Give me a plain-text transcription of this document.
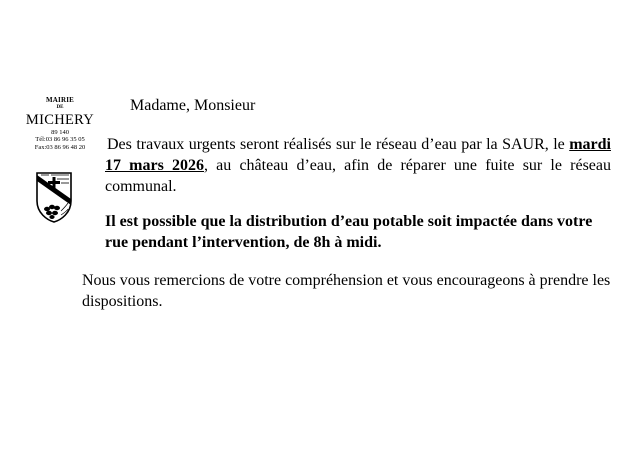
MAIRIE
DE
MICHERY
89 140
Tél:03 86 96 35 05
Fax:03 86 96 48 20
Madame, Monsieur
Des travaux urgents seront réalisés sur le réseau d’eau par la SAUR, le mardi 17 mars 2026, au château d’eau, afin de réparer une fuite sur le réseau communal.
Il est possible que la distribution d’eau potable soit impactée dans votre rue pendant l’intervention, de 8h à midi.
Nous vous remercions de votre compréhension et vous encourageons à prendre les dispositions.
